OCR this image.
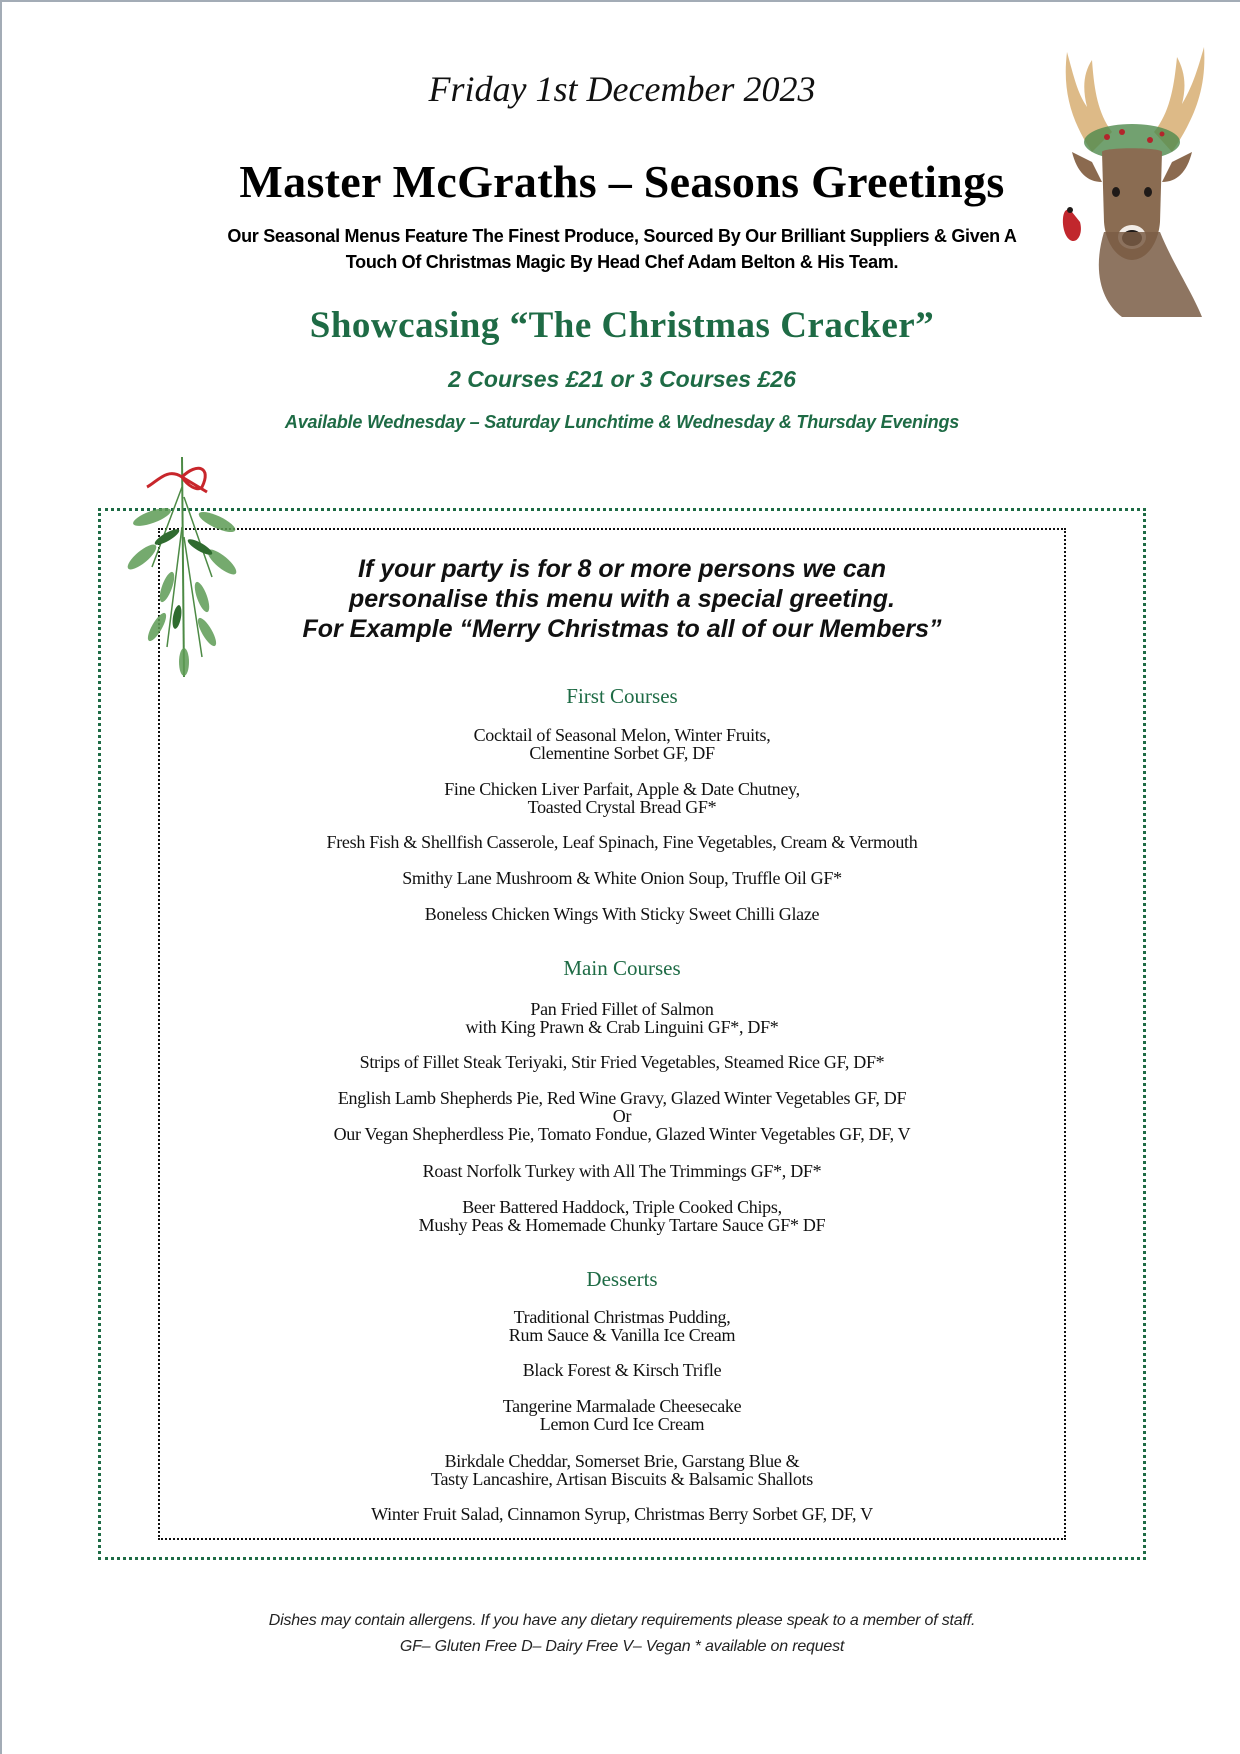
Friday 1st December 2023
Master McGraths – Seasons Greetings
Our Seasonal Menus Feature The Finest Produce, Sourced By Our Brilliant Suppliers & Given A
Touch Of Christmas Magic By Head Chef Adam Belton & His Team.
Showcasing “The Christmas Cracker”
2 Courses £21 or 3 Courses £26
Available Wednesday – Saturday Lunchtime & Wednesday & Thursday Evenings
If your party is for 8 or more persons we can
personalise this menu with a special greeting.
For Example “Merry Christmas to all of our Members”
First Courses
Cocktail of Seasonal Melon, Winter Fruits,
Clementine Sorbet GF, DF
Fine Chicken Liver Parfait, Apple & Date Chutney,
Toasted Crystal Bread GF*
Fresh Fish & Shellfish Casserole, Leaf Spinach, Fine Vegetables, Cream & Vermouth
Smithy Lane Mushroom & White Onion Soup, Truffle Oil GF*
Boneless Chicken Wings With Sticky Sweet Chilli Glaze
Main Courses
Pan Fried Fillet of Salmon
with King Prawn & Crab Linguini GF*, DF*
Strips of Fillet Steak Teriyaki, Stir Fried Vegetables, Steamed Rice GF, DF*
English Lamb Shepherds Pie, Red Wine Gravy, Glazed Winter Vegetables GF, DF
Or
Our Vegan Shepherdless Pie, Tomato Fondue, Glazed Winter Vegetables GF, DF, V
Roast Norfolk Turkey with All The Trimmings GF*, DF*
Beer Battered Haddock, Triple Cooked Chips,
Mushy Peas & Homemade Chunky Tartare Sauce GF* DF
Desserts
Traditional Christmas Pudding,
Rum Sauce & Vanilla Ice Cream
Black Forest & Kirsch Trifle
Tangerine Marmalade Cheesecake
Lemon Curd Ice Cream
Birkdale Cheddar, Somerset Brie, Garstang Blue &
Tasty Lancashire, Artisan Biscuits & Balsamic Shallots
Winter Fruit Salad, Cinnamon Syrup, Christmas Berry Sorbet GF, DF, V
Dishes may contain allergens. If you have any dietary requirements please speak to a member of staff.
GF– Gluten Free D– Dairy Free V– Vegan * available on request
